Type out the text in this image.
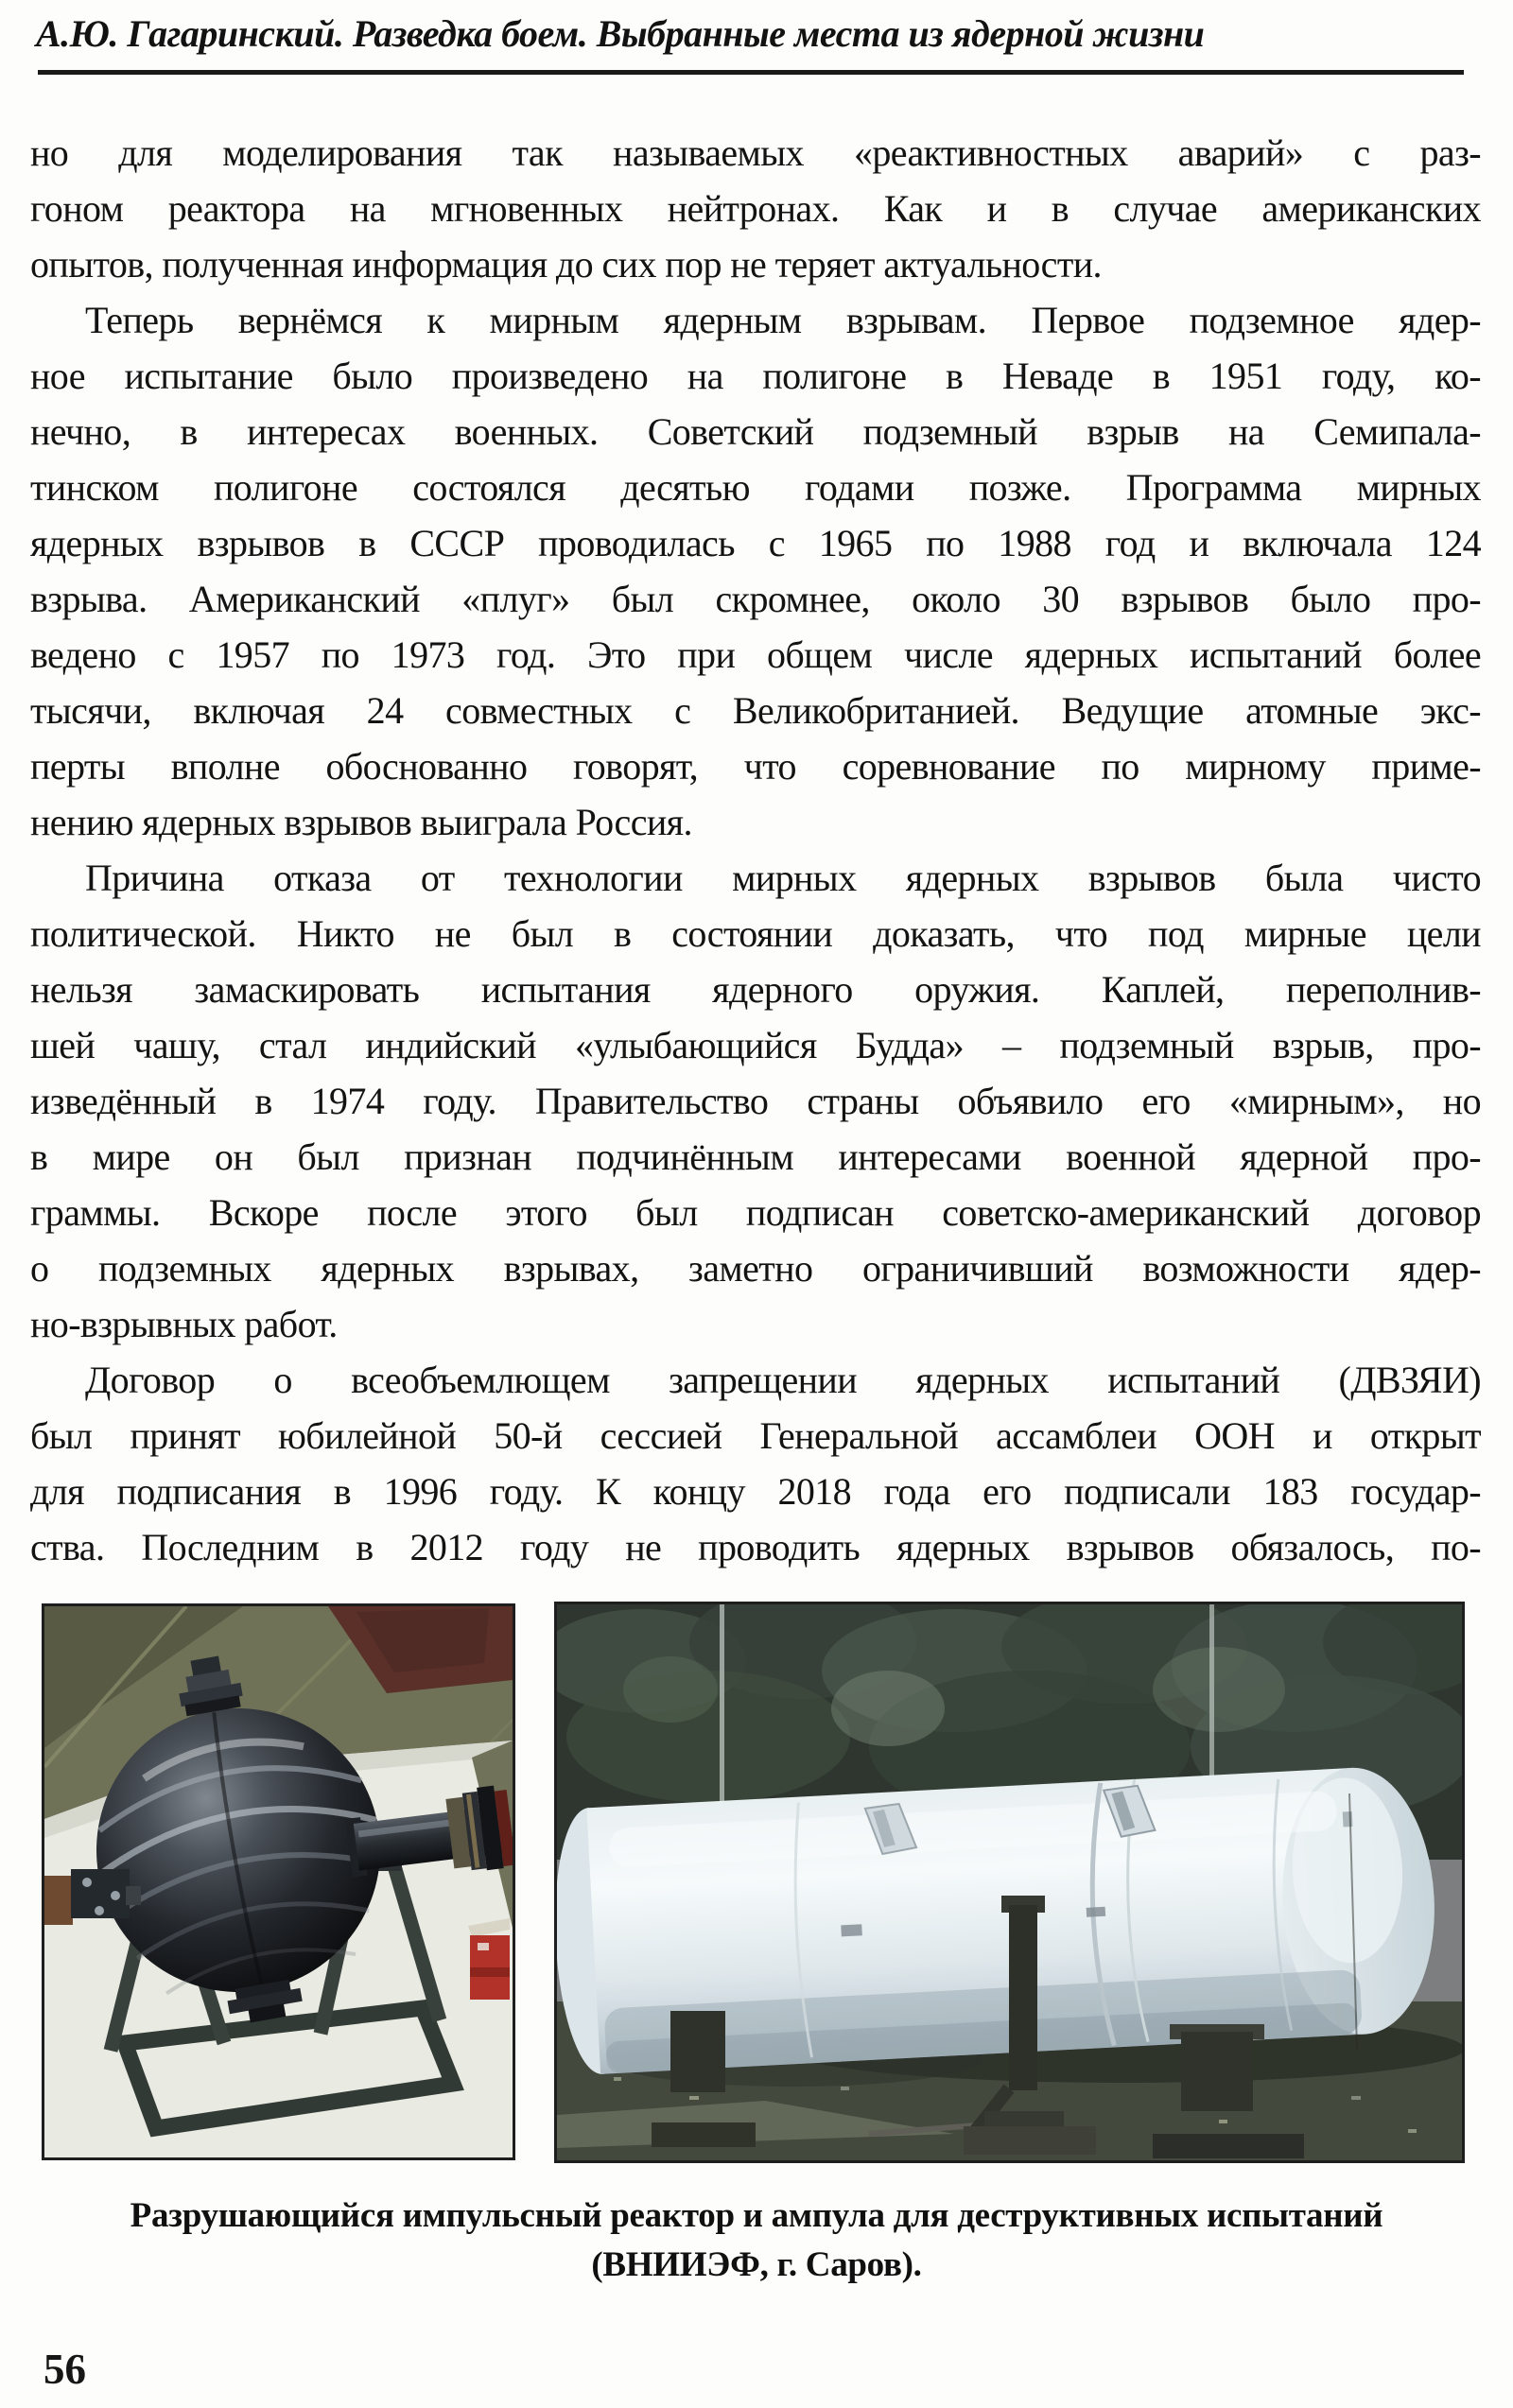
А.Ю. Гагаринский. Разведка боем. Выбранные места из ядерной жизни
но для моделирования так называемых «реактивностных аварий» с раз-
гоном реактора на мгновенных нейтронах. Как и в случае американских
опытов, полученная информация до сих пор не теряет актуальности.
Теперь вернёмся к мирным ядерным взрывам. Первое подземное ядер-
ное испытание было произведено на полигоне в Неваде в 1951 году, ко-
нечно, в интересах военных. Советский подземный взрыв на Семипала-
тинском полигоне состоялся десятью годами позже. Программа мирных
ядерных взрывов в СССР проводилась с 1965 по 1988 год и включала 124
взрыва. Американский «плуг» был скромнее, около 30 взрывов было про-
ведено с 1957 по 1973 год. Это при общем числе ядерных испытаний более
тысячи, включая 24 совместных с Великобританией. Ведущие атомные экс-
перты вполне обоснованно говорят, что соревнование по мирному приме-
нению ядерных взрывов выиграла Россия.
Причина отказа от технологии мирных ядерных взрывов была чисто
политической. Никто не был в состоянии доказать, что под мирные цели
нельзя замаскировать испытания ядерного оружия. Каплей, переполнив-
шей чашу, стал индийский «улыбающийся Будда» – подземный взрыв, про-
изведённый в 1974 году. Правительство страны объявило его «мирным», но
в мире он был признан подчинённым интересами военной ядерной про-
граммы. Вскоре после этого был подписан советско-американский договор
о подземных ядерных взрывах, заметно ограничивший возможности ядер-
но-взрывных работ.
Договор о всеобъемлющем запрещении ядерных испытаний (ДВЗЯИ)
был принят юбилейной 50-й сессией Генеральной ассамблеи ООН и открыт
для подписания в 1996 году. К концу 2018 года его подписали 183 государ-
ства. Последним в 2012 году не проводить ядерных взрывов обязалось, по-
Разрушающийся импульсный реактор и ампула для деструктивных испытаний
(ВНИИЭФ, г. Саров).
56
